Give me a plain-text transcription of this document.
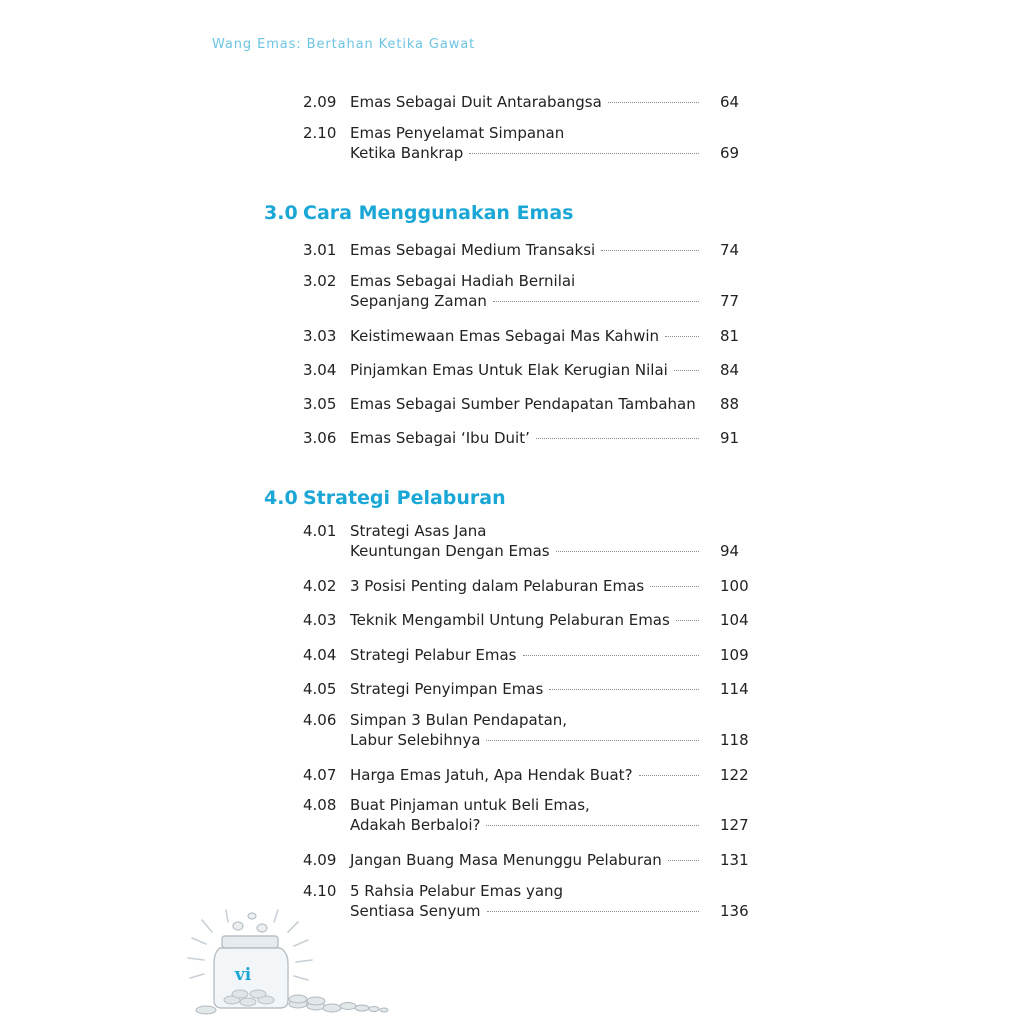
Wang Emas: Bertahan Ketika Gawat
2.09 Emas Sebagai Duit Antarabangsa	64
2.10 Emas Penyelamat Simpanan
Ketika Bankrap	69
3.0 Cara Menggunakan Emas
3.01 Emas Sebagai Medium Transaksi	74
3.02 Emas Sebagai Hadiah Bernilai
Sepanjang Zaman	77
3.03 Keistimewaan Emas Sebagai Mas Kahwin	81
3.04 Pinjamkan Emas Untuk Elak Kerugian Nilai	84
3.05 Emas Sebagai Sumber Pendapatan Tambahan 88
3.06 Emas Sebagai ‘Ibu Duit’	91
4.0 Strategi Pelaburan
4.01 Strategi Asas Jana
Keuntungan Dengan Emas	94
4.02 3 Posisi Penting dalam Pelaburan Emas	100
4.03 Teknik Mengambil Untung Pelaburan Emas	104
4.04 Strategi Pelabur Emas	109
4.05 Strategi Penyimpan Emas	114
4.06 Simpan 3 Bulan Pendapatan,
Labur Selebihnya	118
4.07 Harga Emas Jatuh, Apa Hendak Buat?	122
4.08 Buat Pinjaman untuk Beli Emas,
Adakah Berbaloi?	127
4.09 Jangan Buang Masa Menunggu Pelaburan	131
4.10 5 Rahsia Pelabur Emas yang
Sentiasa Senyum	136
vi
